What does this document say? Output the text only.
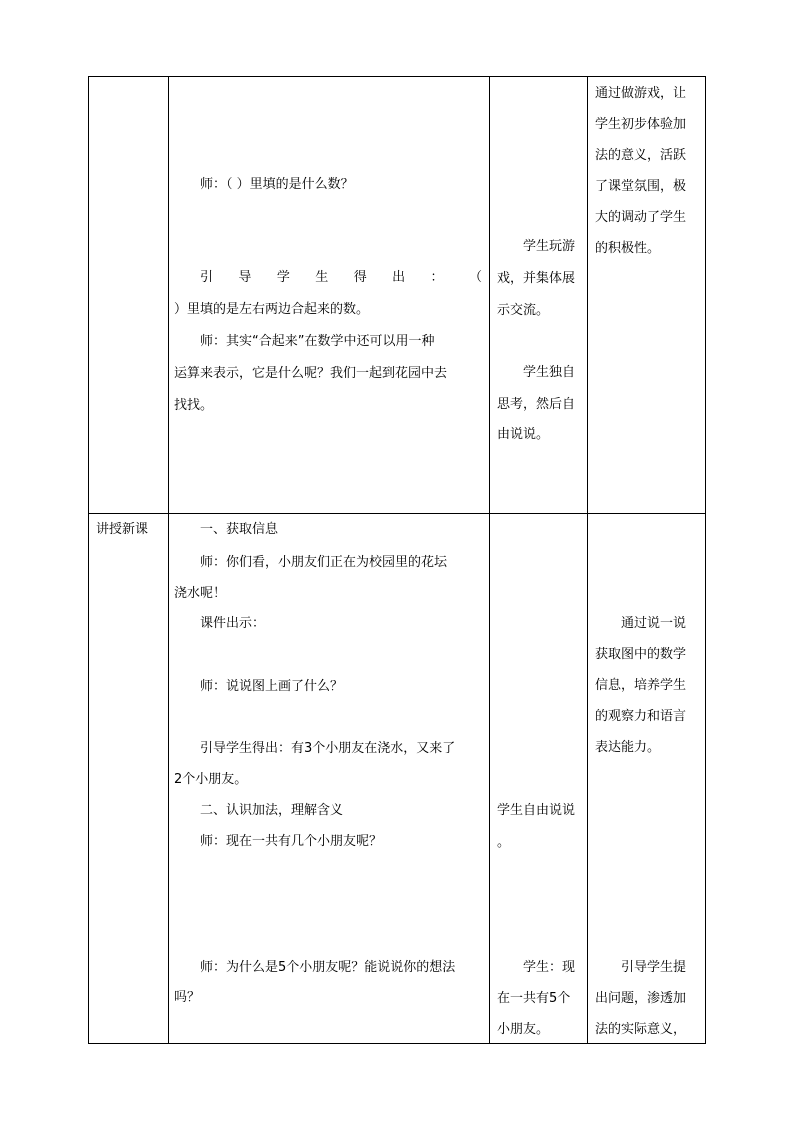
师：（ ）里填的是什么数？
引 导 学 生 得 出 ： （
）里填的是左右两边合起来的数。
师：其实“合起来”在数学中还可以用一种
运算来表示，它是什么呢？我们一起到花园中去
找找。
学生玩游
戏，并集体展
示交流。
学生独自
思考，然后自
由说说。
通过做游戏，让
学生初步体验加
法的意义，活跃
了课堂氛围，极
大的调动了学生
的积极性。
讲授新课	一、获取信息
师：你们看，小朋友们正在为校园里的花坛
浇水呢！
课件出示：
师：说说图上画了什么？
引导学生得出：有3个小朋友在浇水，又来了
2个小朋友。
二、认识加法，理解含义
师：现在一共有几个小朋友呢？
师：为什么是5个小朋友呢？能说说你的想法
吗？
学生自由说说
。
学生：现
在一共有5个
小朋友。
通过说一说
获取图中的数学
信息，培养学生
的观察力和语言
表达能力。
引导学生提
出问题，渗透加
法的实际意义，
